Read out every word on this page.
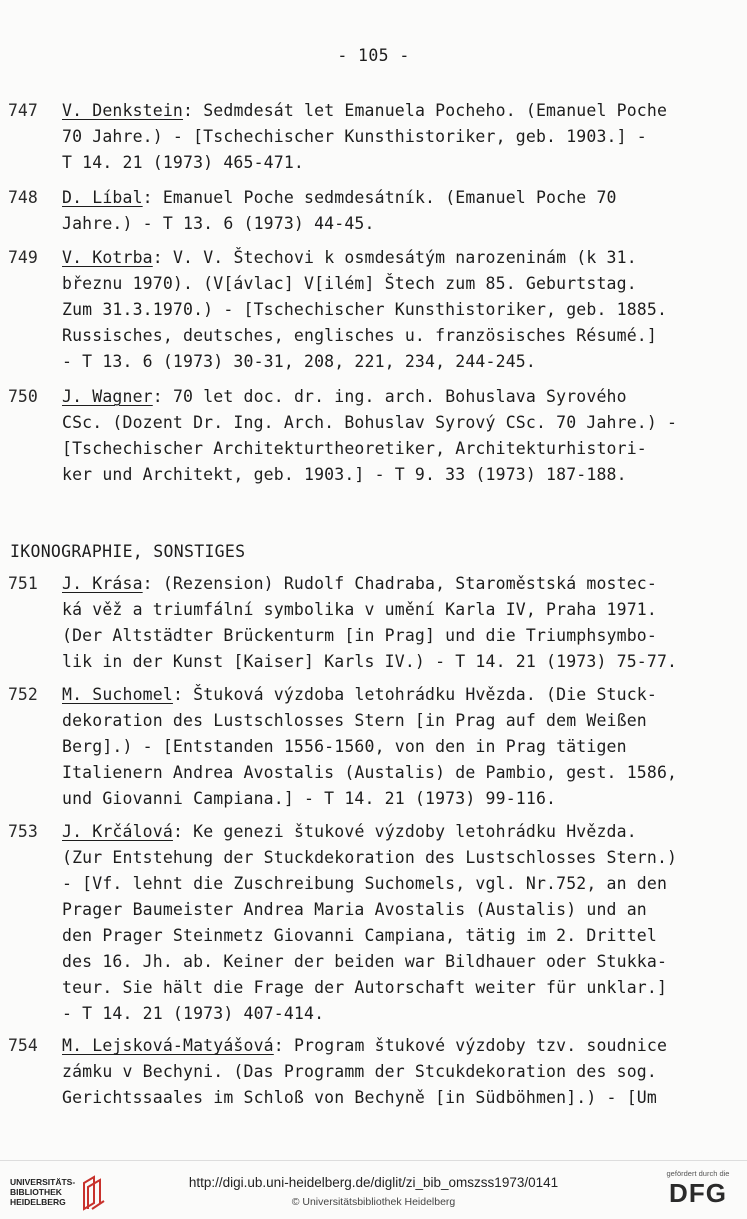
- 105 -
747 V. Denkstein: Sedmdesát let Emanuela Pocheho. (Emanuel Poche
70 Jahre.) - [Tschechischer Kunsthistoriker, geb. 1903.] -
T 14. 21 (1973) 465-471.
748 D. Líbal: Emanuel Poche sedmdesátník. (Emanuel Poche 70
Jahre.) - T 13. 6 (1973) 44-45.
749 V. Kotrba: V. V. Štechovi k osmdesátým narozeninám (k 31.
březnu 1970). (V[ávlac] V[ilém] Štech zum 85. Geburtstag.
Zum 31.3.1970.) - [Tschechischer Kunsthistoriker, geb. 1885.
Russisches, deutsches, englisches u. französisches Résumé.]
- T 13. 6 (1973) 30-31, 208, 221, 234, 244-245.
750 J. Wagner: 70 let doc. dr. ing. arch. Bohuslava Syrového
CSc. (Dozent Dr. Ing. Arch. Bohuslav Syrový CSc. 70 Jahre.) -
[Tschechischer Architekturtheoretiker, Architekturhistori-
ker und Architekt, geb. 1903.] - T 9. 33 (1973) 187-188.
IKONOGRAPHIE, SONSTIGES
751 J. Krása: (Rezension) Rudolf Chadraba, Staroměstská mostec-
ká věž a triumfální symbolika v umění Karla IV, Praha 1971.
(Der Altstädter Brückenturm [in Prag] und die Triumphsymbo-
lik in der Kunst [Kaiser] Karls IV.) - T 14. 21 (1973) 75-77.
752 M. Suchomel: Štuková výzdoba letohrádku Hvězda. (Die Stuck-
dekoration des Lustschlosses Stern [in Prag auf dem Weißen
Berg].) - [Entstanden 1556-1560, von den in Prag tätigen
Italienern Andrea Avostalis (Austalis) de Pambio, gest. 1586,
und Giovanni Campiana.] - T 14. 21 (1973) 99-116.
753 J. Krčálová: Ke genezi štukové výzdoby letohrádku Hvězda.
(Zur Entstehung der Stuckdekoration des Lustschlosses Stern.)
- [Vf. lehnt die Zuschreibung Suchomels, vgl. Nr.752, an den
Prager Baumeister Andrea Maria Avostalis (Austalis) und an
den Prager Steinmetz Giovanni Campiana, tätig im 2. Drittel
des 16. Jh. ab. Keiner der beiden war Bildhauer oder Stukka-
teur. Sie hält die Frage der Autorschaft weiter für unklar.]
- T 14. 21 (1973) 407-414.
754 M. Lejsková-Matyášová: Program štukové výzdoby tzv. soudnice
zámku v Bechyni. (Das Programm der Stcukdekoration des sog.
Gerichtssaales im Schloß von Bechyně [in Südböhmen].) - [Um
UNIVERSITÄTS-
BIBLIOTHEK
HEIDELBERG
http://digi.ub.uni-heidelberg.de/diglit/zi_bib_omszss1973/0141
© Universitätsbibliothek Heidelberg
gefördert durch die
DFG
